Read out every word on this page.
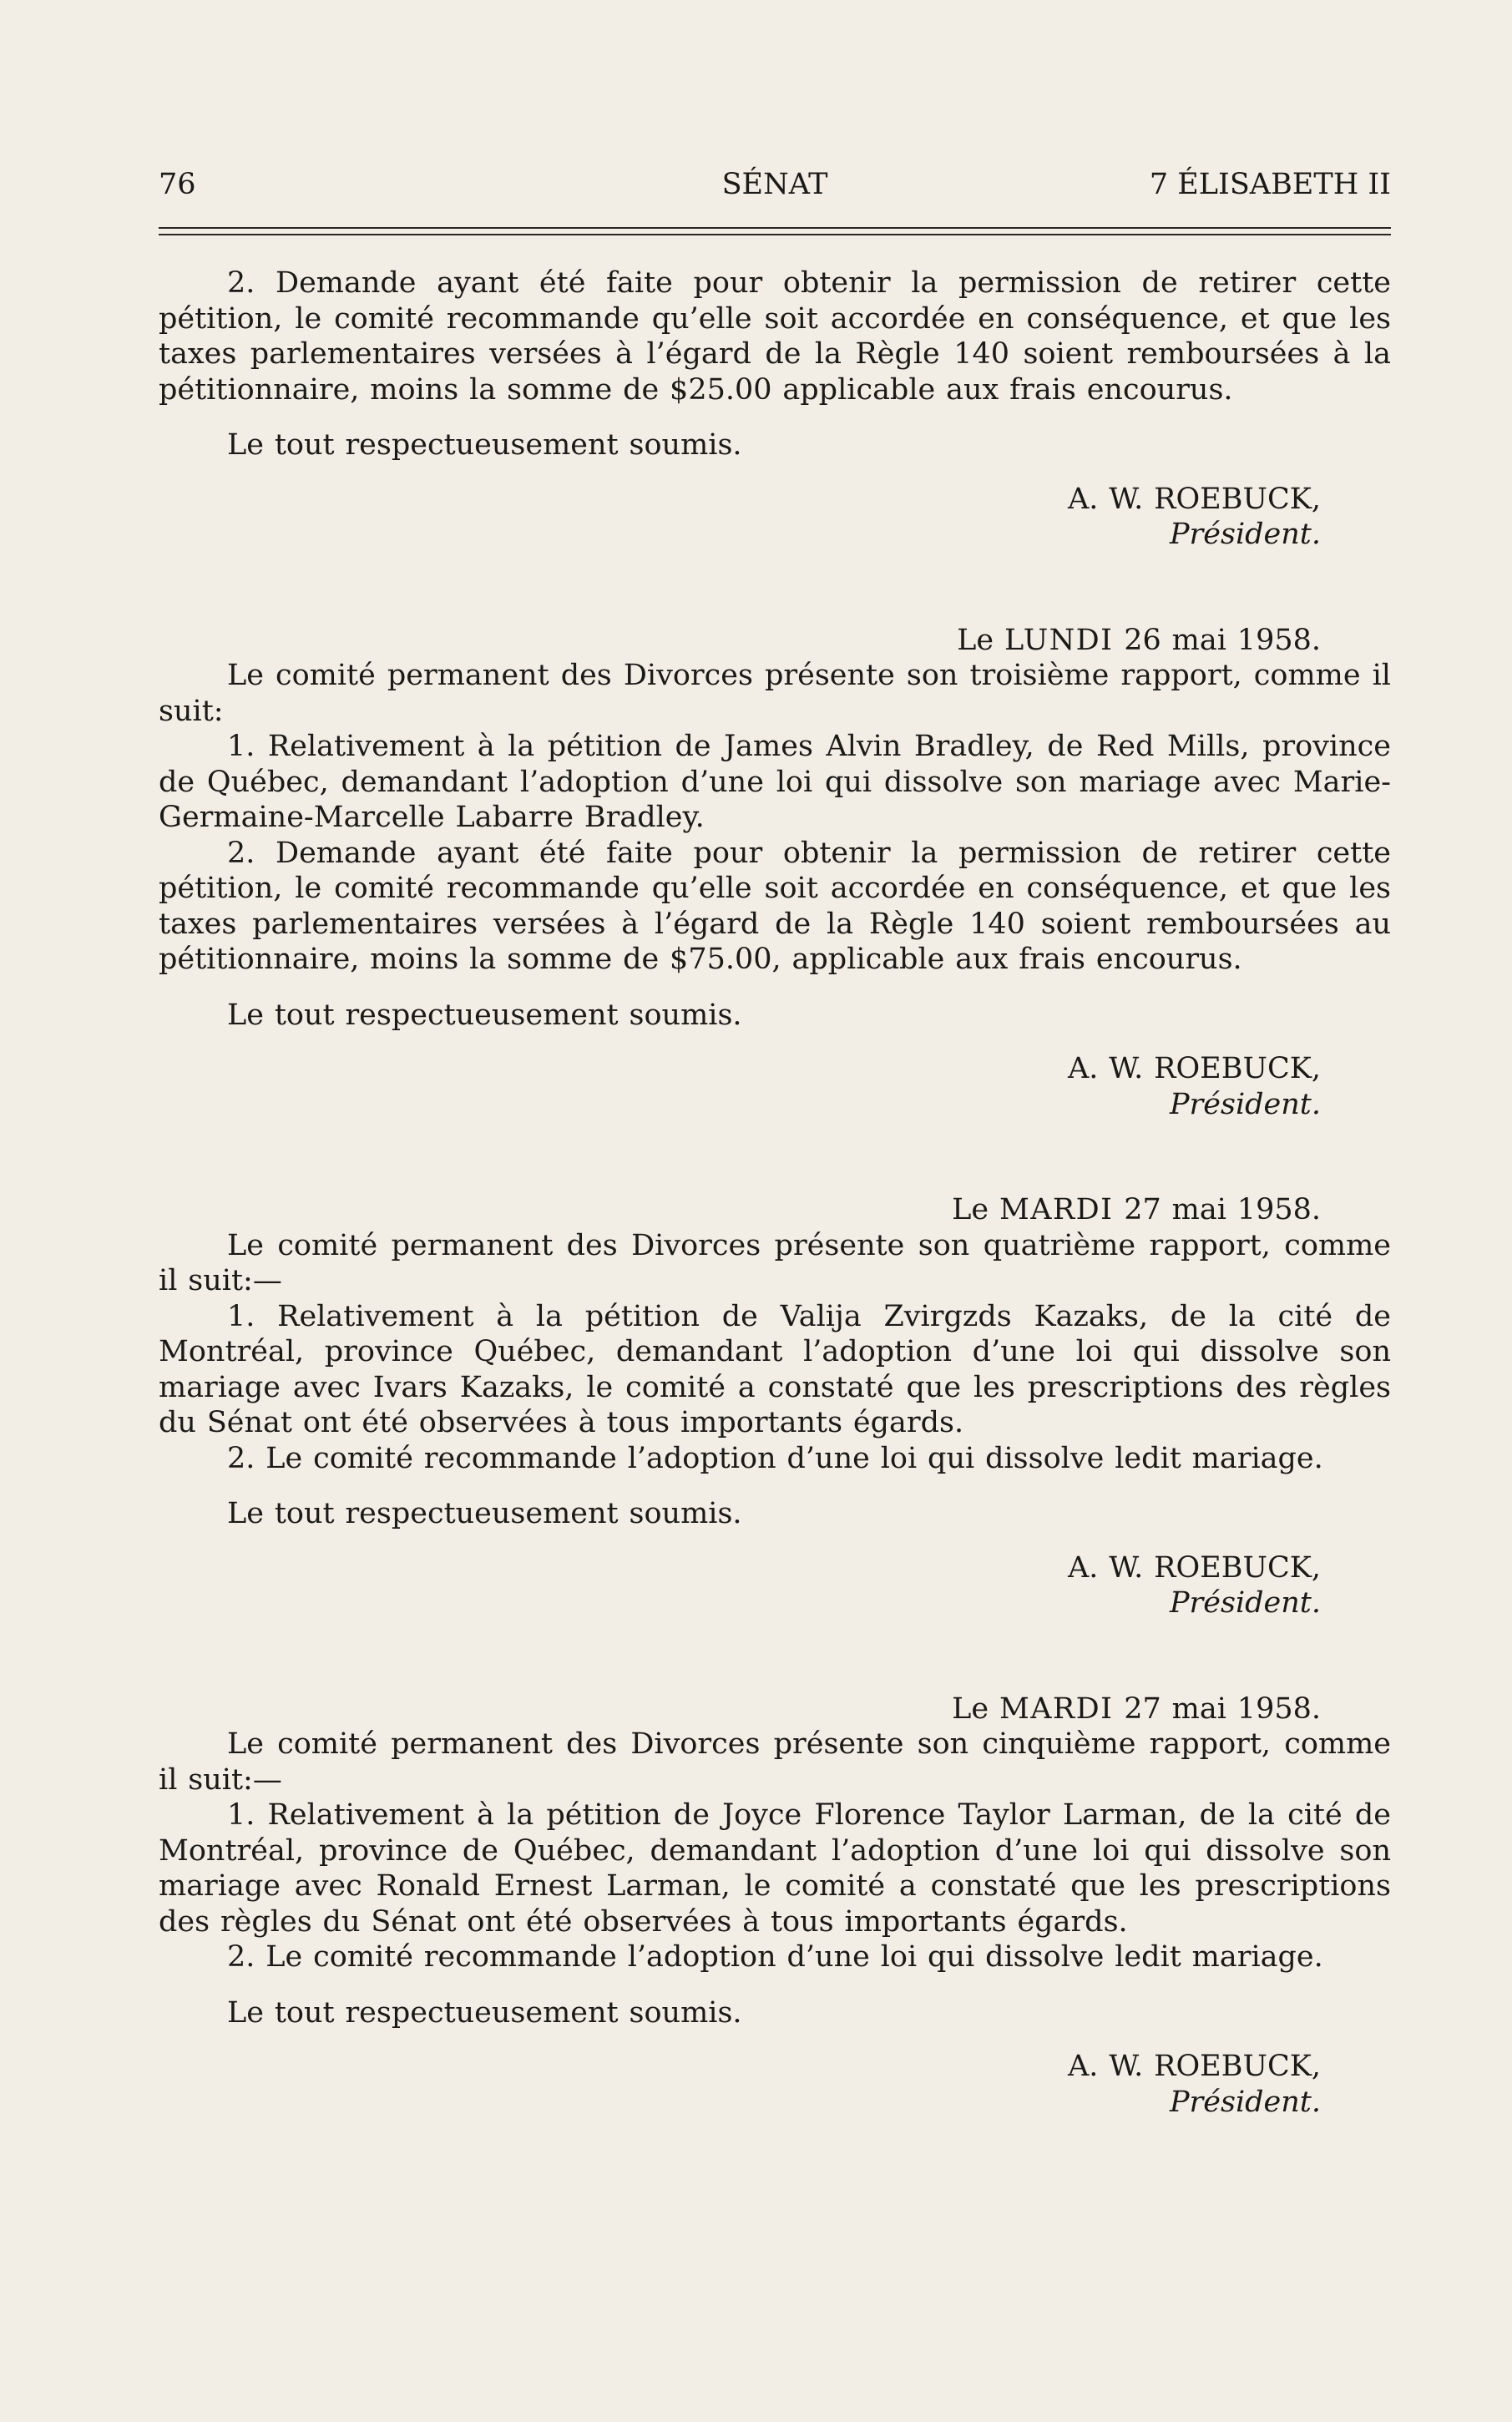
76	SÉNAT	7 ÉLISABETH II

2. Demande ayant été faite pour obtenir la permission de retirer cette pétition, le comité recommande qu’elle soit accordée en conséquence, et que les taxes parlementaires versées à l’égard de la Règle 140 soient remboursées à la pétitionnaire, moins la somme de $25.00 applicable aux frais encourus.

Le tout respectueusement soumis.

A. W. ROEBUCK,
Président.
Le LUNDI 26 mai 1958.

Le comité permanent des Divorces présente son troisième rapport, comme il suit:

1. Relativement à la pétition de James Alvin Bradley, de Red Mills, province de Québec, demandant l’adoption d’une loi qui dissolve son mariage avec Marie-Germaine-Marcelle Labarre Bradley.

2. Demande ayant été faite pour obtenir la permission de retirer cette pétition, le comité recommande qu’elle soit accordée en conséquence, et que les taxes parlementaires versées à l’égard de la Règle 140 soient remboursées au pétitionnaire, moins la somme de $75.00, applicable aux frais encourus.

Le tout respectueusement soumis.

A. W. ROEBUCK,
Président.
Le MARDI 27 mai 1958.

Le comité permanent des Divorces présente son quatrième rapport, comme il suit:—

1. Relativement à la pétition de Valija Zvirgzds Kazaks, de la cité de Montréal, province Québec, demandant l’adoption d’une loi qui dissolve son mariage avec Ivars Kazaks, le comité a constaté que les prescriptions des règles du Sénat ont été observées à tous importants égards.

2. Le comité recommande l’adoption d’une loi qui dissolve ledit mariage.

Le tout respectueusement soumis.

A. W. ROEBUCK,
Président.
Le MARDI 27 mai 1958.

Le comité permanent des Divorces présente son cinquième rapport, comme il suit:—

1. Relativement à la pétition de Joyce Florence Taylor Larman, de la cité de Montréal, province de Québec, demandant l’adoption d’une loi qui dissolve son mariage avec Ronald Ernest Larman, le comité a constaté que les prescriptions des règles du Sénat ont été observées à tous importants égards.

2. Le comité recommande l’adoption d’une loi qui dissolve ledit mariage.

Le tout respectueusement soumis.

A. W. ROEBUCK,
Président.
